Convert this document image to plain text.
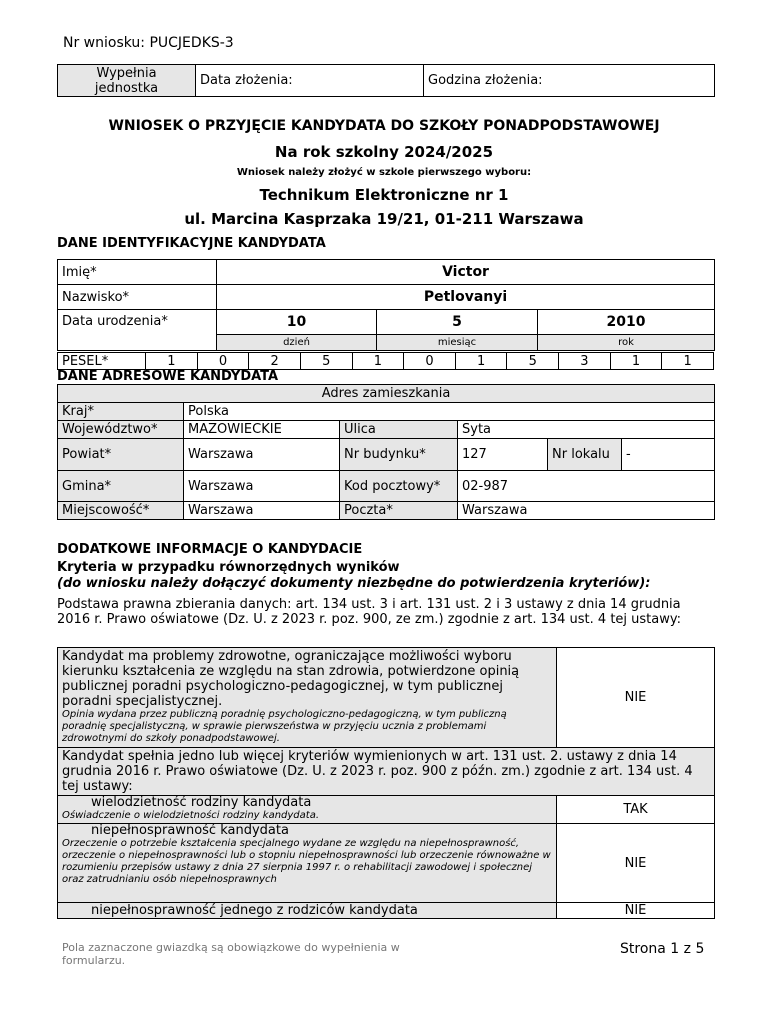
Nr wniosku: PUCJEDKS-3
Wypełnia jednostka	Data złożenia:	Godzina złożenia:
WNIOSEK O PRZYJĘCIE KANDYDATA DO SZKOŁY PONADPODSTAWOWEJ
Na rok szkolny 2024/2025
Wniosek należy złożyć w szkole pierwszego wyboru:
Technikum Elektroniczne nr 1
ul. Marcina Kasprzaka 19/21, 01-211 Warszawa
DANE IDENTYFIKACYJNE KANDYDATA
Imię*	Victor		
Nazwisko*	Petlovanyi		
Data urodzenia*	10	5	2010
	dzień	miesiąc	rok
PESEL*	1	0	2	5	1	0	1	5	3	1	1
DANE ADRESOWE KANDYDATA
Adres zamieszkania					
Kraj*	Polska				
Województwo*	MAZOWIECKIE	Ulica	Syta		
Powiat*	Warszawa	Nr budynku*	127	Nr lokalu	-
Gmina*	Warszawa	Kod pocztowy*	02-987		
Miejscowość*	Warszawa	Poczta*	Warszawa		
DODATKOWE INFORMACJE O KANDYDACIE
Kryteria w przypadku równorzędnych wyników
(do wniosku należy dołączyć dokumenty niezbędne do potwierdzenia kryteriów):
Podstawa prawna zbierania danych: art. 134 ust. 3 i art. 131 ust. 2 i 3 ustawy z dnia 14 grudnia 2016 r. Prawo oświatowe (Dz. U. z 2023 r. poz. 900, ze zm.) zgodnie z art. 134 ust. 4 tej ustawy:
Kandydat ma problemy zdrowotne, ograniczające możliwości wyboru kierunku kształcenia ze względu na stan zdrowia, potwierdzone opinią publicznej poradni psychologiczno-pedagogicznej, w tym publicznej poradni specjalistycznej.
Opinia wydana przez publiczną poradnię psychologiczno-pedagogiczną, w tym publiczną poradnię specjalistyczną, w sprawie pierwszeństwa w przyjęciu ucznia z problemami zdrowotnymi do szkoły ponadpodstawowej.	NIE
Kandydat spełnia jedno lub więcej kryteriów wymienionych w art. 131 ust. 2. ustawy z dnia 14 grudnia 2016 r. Prawo oświatowe (Dz. U. z 2023 r. poz. 900 z późn. zm.) zgodnie z art. 134 ust. 4 tej ustawy:	

wielodzietność rodziny kandydata
Oświadczenie o wielodzietności rodziny kandydata.	TAK

niepełnosprawność kandydata
Orzeczenie o potrzebie kształcenia specjalnego wydane ze względu na niepełnosprawność, orzeczenie o niepełnosprawności lub o stopniu niepełnosprawności lub orzeczenie równoważne w rozumieniu przepisów ustawy z dnia 27 sierpnia 1997 r. o rehabilitacji zawodowej i społecznej oraz zatrudnianiu osób niepełnosprawnych	NIE
niepełnosprawność jednego z rodziców kandydata	NIE
Pola zaznaczone gwiazdką są obowiązkowe do wypełnienia w formularzu.
Strona 1 z 5
